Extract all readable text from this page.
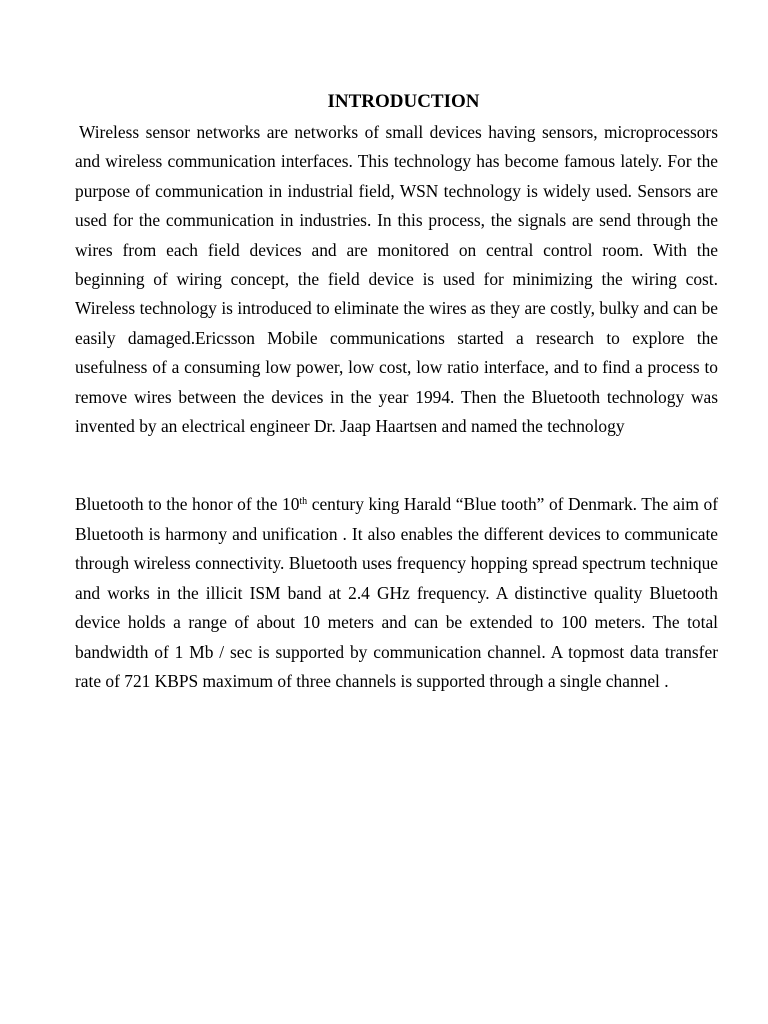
INTRODUCTION

Wireless sensor networks are networks of small devices having sensors, microprocessors and wireless communication interfaces. This technology has become famous lately. For the purpose of communication in industrial field, WSN technology is widely used. Sensors are used for the communication in industries. In this process, the signals are send through the wires from each field devices and are monitored on central control room. With the beginning of wiring concept, the field device is used for minimizing the wiring cost. Wireless technology is introduced to eliminate the wires as they are costly, bulky and can be easily damaged.Ericsson Mobile communications started a research to explore the usefulness of a consuming low power, low cost, low ratio interface, and to find a process to remove wires between the devices in the year 1994. Then the Bluetooth technology was invented by an electrical engineer Dr. Jaap Haartsen and named the technology

Bluetooth to the honor of the 10th century king Harald “Blue tooth” of Denmark. The aim of Bluetooth is harmony and unification . It also enables the different devices to communicate through wireless connectivity. Bluetooth uses frequency hopping spread spectrum technique and works in the illicit ISM band at 2.4 GHz frequency. A distinctive quality Bluetooth device holds a range of about 10 meters and can be extended to 100 meters. The total bandwidth of 1 Mb / sec is supported by communication channel. A topmost data transfer rate of 721 KBPS maximum of three channels is supported through a single channel .
